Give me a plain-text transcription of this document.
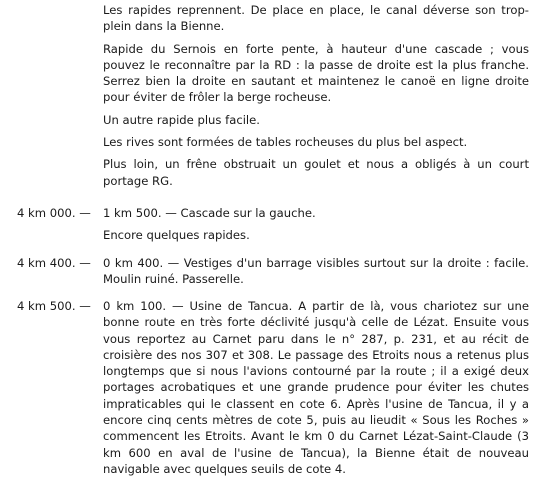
Les rapides reprennent. De place en place, le canal déverse son trop-plein dans la Bienne.

Rapide du Sernois en forte pente, à hauteur d'une cascade ; vous pouvez le reconnaître par la RD : la passe de droite est la plus franche. Serrez bien la droite en sautant et maintenez le canoë en ligne droite pour éviter de frôler la berge rocheuse.

Un autre rapide plus facile.

Les rives sont formées de tables rocheuses du plus bel aspect.

Plus loin, un frêne obstruait un goulet et nous a obligés à un court portage RG.

4 km 000. —	1 km 500. — Cascade sur la gauche.

Encore quelques rapides.

4 km 400. —	0 km 400. — Vestiges d'un barrage visibles surtout sur la droite : facile. Moulin ruiné. Passerelle.

4 km 500. —	0 km 100. — Usine de Tancua. A partir de là, vous chariotez sur une bonne route en très forte déclivité jusqu'à celle de Lézat. Ensuite vous vous reportez au Carnet paru dans le n° 287, p. 231, et au récit de croisière des nos 307 et 308. Le passage des Etroits nous a retenus plus longtemps que si nous l'avions contourné par la route ; il a exigé deux portages acrobatiques et une grande prudence pour éviter les chutes impraticables qui le classent en cote 6. Après l'usine de Tancua, il y a encore cinq cents mètres de cote 5, puis au lieudit « Sous les Roches » commencent les Etroits. Avant le km 0 du Carnet Lézat-Saint-Claude (3 km 600 en aval de l'usine de Tancua), la Bienne était de nouveau navigable avec quelques seuils de cote 4.
